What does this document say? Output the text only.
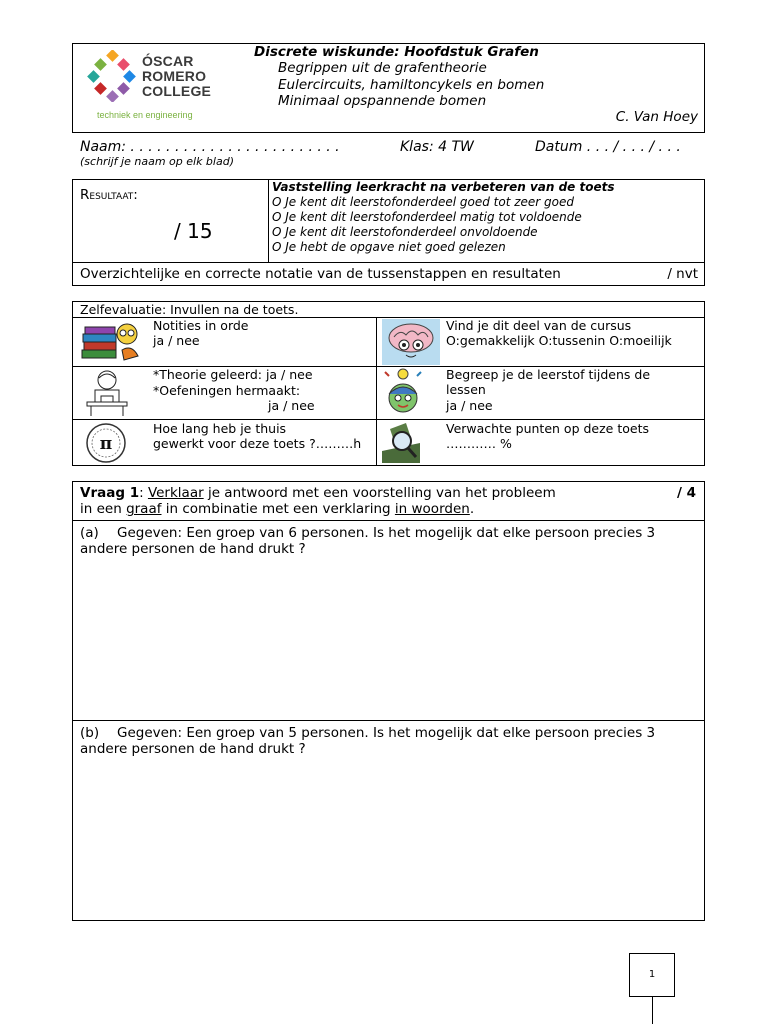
ÓSCAR
ROMERO
COLLEGE
techniek en engineering
Discrete wiskunde: Hoofdstuk Grafen
Begrippen uit de grafentheorie
Eulercircuits, hamiltoncykels en bomen
Minimaal opspannende bomen
C. Van Hoey
Naam: . . . . . . . . . . . . . . . . . . . . . . . .	Klas: 4 TW	Datum . . . / . . . / . . .
(schrijf je naam op elk blad)
Resultaat:
/ 15
Vaststelling leerkracht na verbeteren van de toets
O Je kent dit leerstofonderdeel goed tot zeer goed
O Je kent dit leerstofonderdeel matig tot voldoende
O Je kent dit leerstofonderdeel onvoldoende
O Je hebt de opgave niet goed gelezen
Overzichtelijke en correcte notatie van de tussenstappen en resultaten	/ nvt
Zelfevaluatie: Invullen na de toets.
Notities in orde
ja / nee
Vind je dit deel van de cursus
O:gemakkelijk O:tussenin O:moeilijk
*Theorie geleerd: ja / nee
*Oefeningen hermaakt:
ja / nee
Begreep je de leerstof tijdens de
lessen
ja / nee
π
Hoe lang heb je thuis
gewerkt voor deze toets ?………h
Verwachte punten op deze toets
………… %
Vraag 1: Verklaar je antwoord met een voorstelling van het probleem
in een graaf in combinatie met een verklaring in woorden.
/ 4
(a) Gegeven: Een groep van 6 personen. Is het mogelijk dat elke persoon precies 3
andere personen de hand drukt ?
(b) Gegeven: Een groep van 5 personen. Is het mogelijk dat elke persoon precies 3
andere personen de hand drukt ?
1
